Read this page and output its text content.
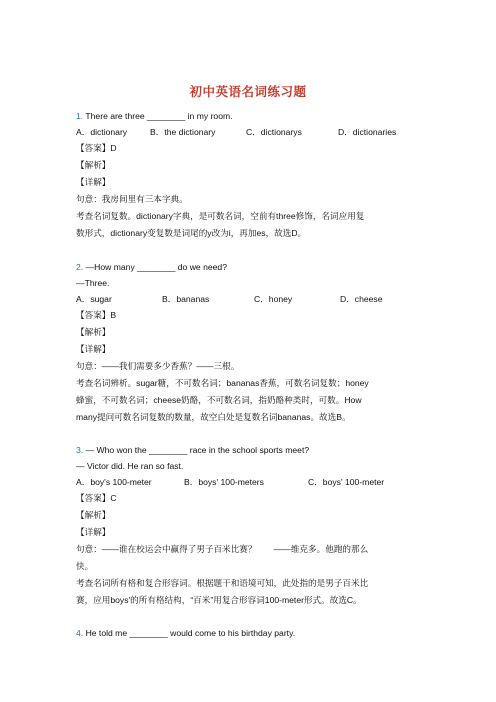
初中英语名词练习题
1. There are three ________ in my room.
A．dictionary	B．the dictionary	C．dictionarys	D．dictionaries
【答案】D
【解析】
【详解】
句意：我房间里有三本字典。
考查名词复数。dictionary字典，是可数名词，空前有three修饰，名词应用复
数形式，dictionary变复数是词尾的y改为i，再加es，故选D。
2. —How many ________ do we need?
—Three.
A．sugar	B．bananas	C．honey	D．cheese
【答案】B
【解析】
【详解】
句意：——我们需要多少香蕉？——三根。
考查名词辨析。sugar糖，不可数名词；bananas香蕉，可数名词复数；honey
蜂蜜，不可数名词；cheese奶酪，不可数名词，指奶酪种类时，可数。How
many提问可数名词复数的数量，故空白处是复数名词bananas。故选B。
3. — Who won the ________ race in the school sports meet?
— Victor did. He ran so fast.
A．boy's 100-meter	B．boys' 100-meters	C．boys' 100-meter
【答案】C
【解析】
【详解】
句意：——谁在校运会中赢得了男子百米比赛？　　——维克多。他跑的那么
快。
考查名词所有格和复合形容词。根据题干和语境可知，此处指的是男子百米比
赛，应用boys'的所有格结构，“百米”用复合形容词100-meter形式。故选C。
4. He told me ________ would come to his birthday party.
